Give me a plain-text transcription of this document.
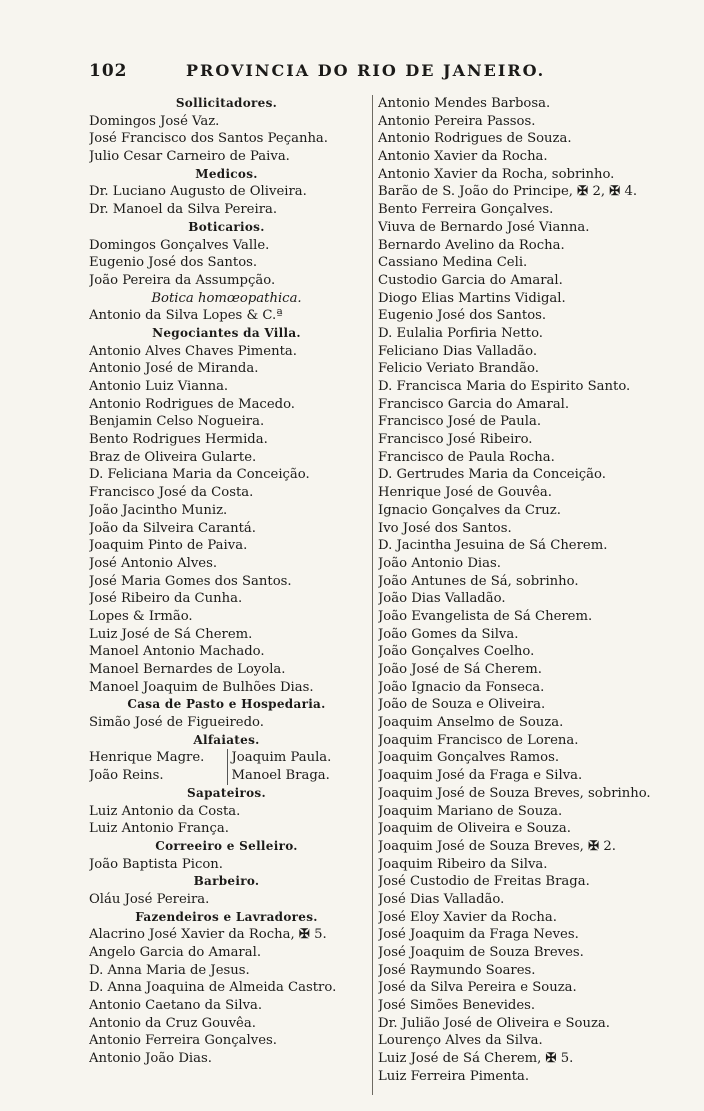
102	PROVINCIA DO RIO DE JANEIRO.
Sollicitadores.
Domingos José Vaz.
José Francisco dos Santos Peçanha.
Julio Cesar Carneiro de Paiva.
Medicos.
Dr. Luciano Augusto de Oliveira.
Dr. Manoel da Silva Pereira.
Boticarios.
Domingos Gonçalves Valle.
Eugenio José dos Santos.
João Pereira da Assumpção.
Botica homœopathica.
Antonio da Silva Lopes & C.ª
Negociantes da Villa.
Antonio Alves Chaves Pimenta.
Antonio José de Miranda.
Antonio Luiz Vianna.
Antonio Rodrigues de Macedo.
Benjamin Celso Nogueira.
Bento Rodrigues Hermida.
Braz de Oliveira Gularte.
D. Feliciana Maria da Conceição.
Francisco José da Costa.
João Jacintho Muniz.
João da Silveira Carantá.
Joaquim Pinto de Paiva.
José Antonio Alves.
José Maria Gomes dos Santos.
José Ribeiro da Cunha.
Lopes & Irmão.
Luiz José de Sá Cherem.
Manoel Antonio Machado.
Manoel Bernardes de Loyola.
Manoel Joaquim de Bulhões Dias.
Casa de Pasto e Hospedaria.
Simão José de Figueiredo.
Alfaiates.
Henrique Magre.	Joaquim Paula.
João Reins.	Manoel Braga.
Sapateiros.
Luiz Antonio da Costa.
Luiz Antonio França.
Correeiro e Selleiro.
João Baptista Picon.
Barbeiro.
Oláu José Pereira.
Fazendeiros e Lavradores.
Alacrino José Xavier da Rocha, ✠ 5.
Angelo Garcia do Amaral.
D. Anna Maria de Jesus.
D. Anna Joaquina de Almeida Castro.
Antonio Caetano da Silva.
Antonio da Cruz Gouvêa.
Antonio Ferreira Gonçalves.
Antonio João Dias.
Antonio Mendes Barbosa.
Antonio Pereira Passos.
Antonio Rodrigues de Souza.
Antonio Xavier da Rocha.
Antonio Xavier da Rocha, sobrinho.
Barão de S. João do Principe, ✠ 2, ✠ 4.
Bento Ferreira Gonçalves.
Viuva de Bernardo José Vianna.
Bernardo Avelino da Rocha.
Cassiano Medina Celi.
Custodio Garcia do Amaral.
Diogo Elias Martins Vidigal.
Eugenio José dos Santos.
D. Eulalia Porfiria Netto.
Feliciano Dias Valladão.
Felicio Veriato Brandão.
D. Francisca Maria do Espirito Santo.
Francisco Garcia do Amaral.
Francisco José de Paula.
Francisco José Ribeiro.
Francisco de Paula Rocha.
D. Gertrudes Maria da Conceição.
Henrique José de Gouvêa.
Ignacio Gonçalves da Cruz.
Ivo José dos Santos.
D. Jacintha Jesuina de Sá Cherem.
João Antonio Dias.
João Antunes de Sá, sobrinho.
João Dias Valladão.
João Evangelista de Sá Cherem.
João Gomes da Silva.
João Gonçalves Coelho.
João José de Sá Cherem.
João Ignacio da Fonseca.
João de Souza e Oliveira.
Joaquim Anselmo de Souza.
Joaquim Francisco de Lorena.
Joaquim Gonçalves Ramos.
Joaquim José da Fraga e Silva.
Joaquim José de Souza Breves, sobrinho.
Joaquim Mariano de Souza.
Joaquim de Oliveira e Souza.
Joaquim José de Souza Breves, ✠ 2.
Joaquim Ribeiro da Silva.
José Custodio de Freitas Braga.
José Dias Valladão.
José Eloy Xavier da Rocha.
José Joaquim da Fraga Neves.
José Joaquim de Souza Breves.
José Raymundo Soares.
José da Silva Pereira e Souza.
José Simões Benevides.
Dr. Julião José de Oliveira e Souza.
Lourenço Alves da Silva.
Luiz José de Sá Cherem, ✠ 5.
Luiz Ferreira Pimenta.
